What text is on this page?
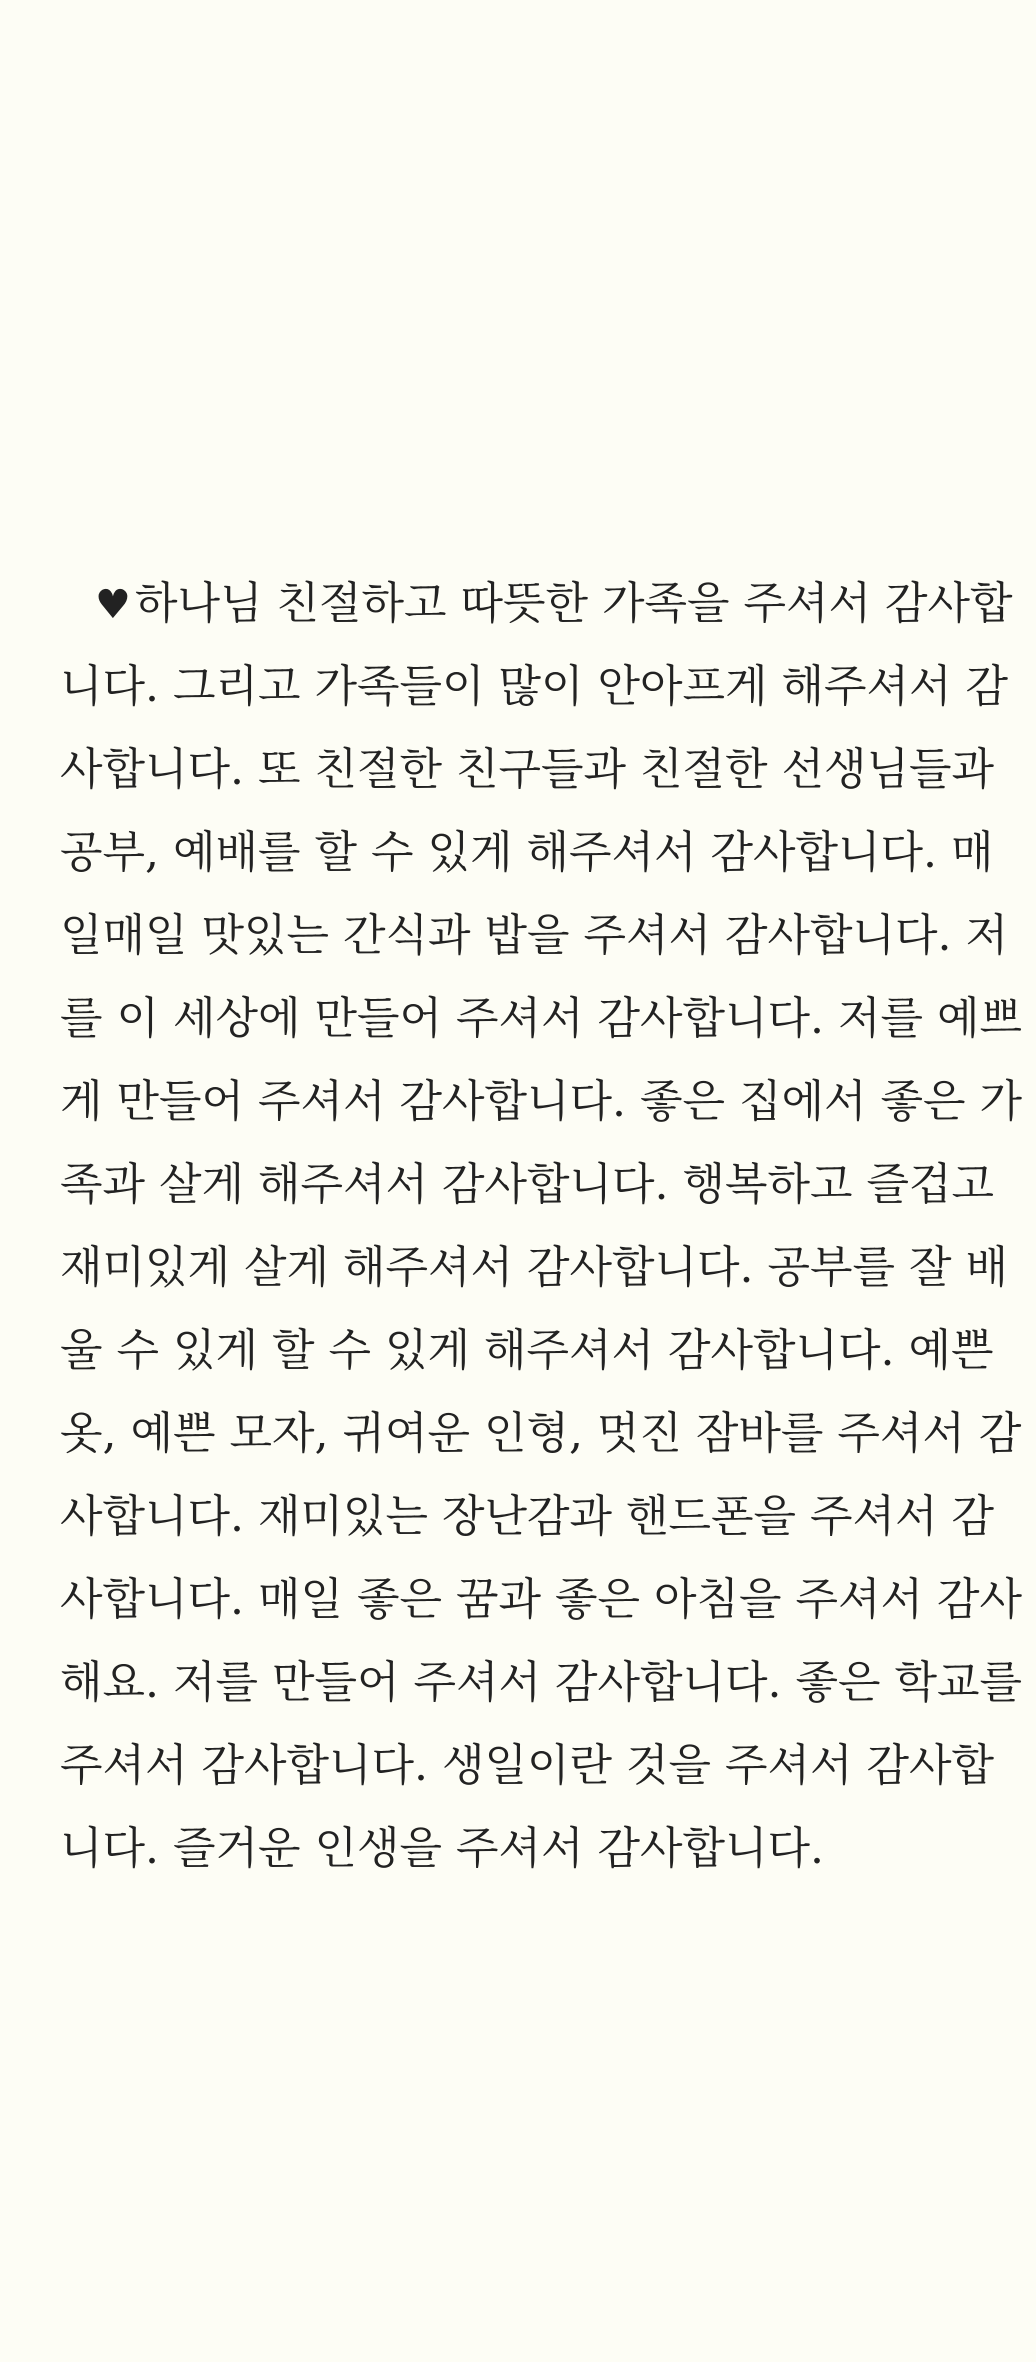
♥하나님 친절하고 따뜻한 가족을 주셔서 감사합
니다. 그리고 가족들이 많이 안아프게 해주셔서 감
사합니다. 또 친절한 친구들과 친절한 선생님들과
공부, 예배를 할 수 있게 해주셔서 감사합니다. 매
일매일 맛있는 간식과 밥을 주셔서 감사합니다. 저
를 이 세상에 만들어 주셔서 감사합니다. 저를 예쁘
게 만들어 주셔서 감사합니다. 좋은 집에서 좋은 가
족과 살게 해주셔서 감사합니다. 행복하고 즐겁고
재미있게 살게 해주셔서 감사합니다. 공부를 잘 배
울 수 있게 할 수 있게 해주셔서 감사합니다. 예쁜
옷, 예쁜 모자, 귀여운 인형, 멋진 잠바를 주셔서 감
사합니다. 재미있는 장난감과 핸드폰을 주셔서 감
사합니다. 매일 좋은 꿈과 좋은 아침을 주셔서 감사
해요. 저를 만들어 주셔서 감사합니다. 좋은 학교를
주셔서 감사합니다. 생일이란 것을 주셔서 감사합
니다. 즐거운 인생을 주셔서 감사합니다.
